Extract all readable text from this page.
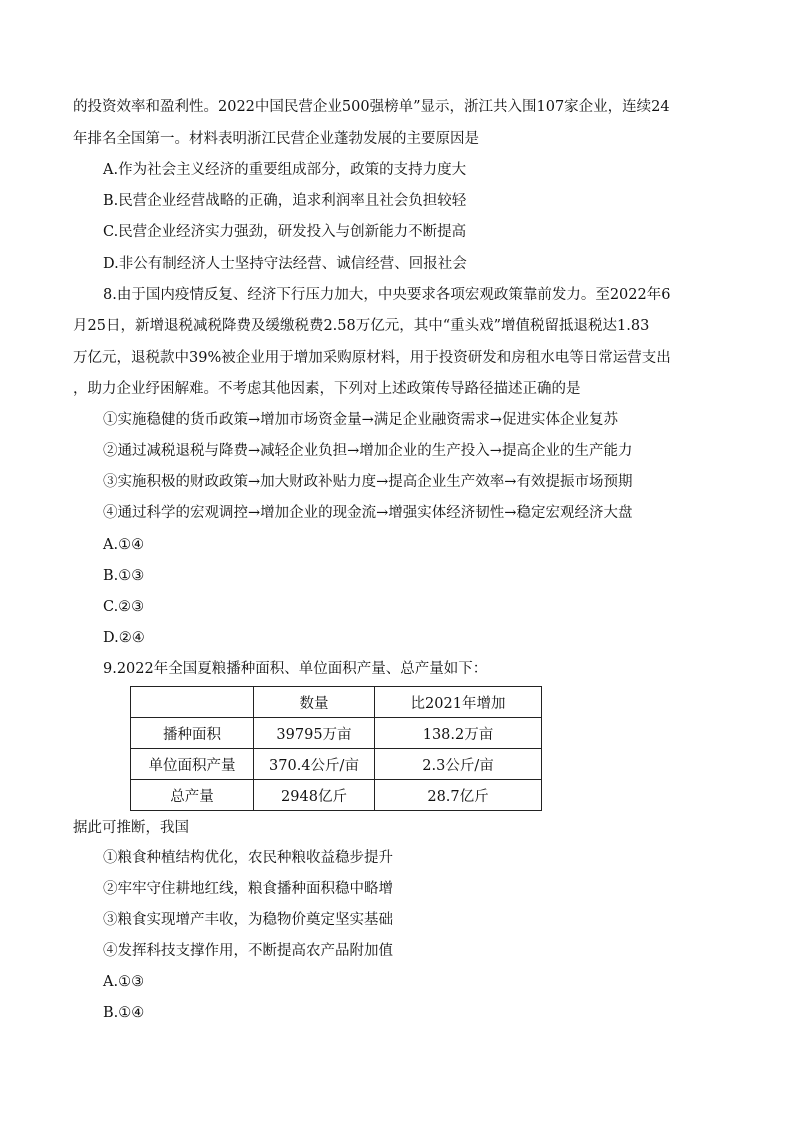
的投资效率和盈利性。2022中国民营企业500强榜单”显示，浙江共入围107家企业，连续24
年排名全国第一。材料表明浙江民营企业蓬勃发展的主要原因是
A.作为社会主义经济的重要组成部分，政策的支持力度大
B.民营企业经营战略的正确，追求利润率且社会负担较轻
C.民营企业经济实力强劲，研发投入与创新能力不断提高
D.非公有制经济人士坚持守法经营、诚信经营、回报社会
8.由于国内疫情反复、经济下行压力加大，中央要求各项宏观政策靠前发力。至2022年6
月25日，新增退税减税降费及缓缴税费2.58万亿元，其中“重头戏”增值税留抵退税达1.83
万亿元，退税款中39%被企业用于增加采购原材料，用于投资研发和房租水电等日常运营支出
，助力企业纾困解难。不考虑其他因素，下列对上述政策传导路径描述正确的是
①实施稳健的货币政策→增加市场资金量→满足企业融资需求→促进实体企业复苏
②通过减税退税与降费→减轻企业负担→增加企业的生产投入→提高企业的生产能力
③实施积极的财政政策→加大财政补贴力度→提高企业生产效率→有效提振市场预期
④通过科学的宏观调控→增加企业的现金流→增强实体经济韧性→稳定宏观经济大盘
A.①④
B.①③
C.②③
D.②④
9.2022年全国夏粮播种面积、单位面积产量、总产量如下：
	数量	比2021年增加
播种面积	39795万亩	138.2万亩
单位面积产量	370.4公斤/亩	2.3公斤/亩
总产量	2948亿斤	28.7亿斤
据此可推断，我国
①粮食种植结构优化，农民种粮收益稳步提升
②牢牢守住耕地红线，粮食播种面积稳中略增
③粮食实现增产丰收，为稳物价奠定坚实基础
④发挥科技支撑作用，不断提高农产品附加值
A.①③
B.①④
